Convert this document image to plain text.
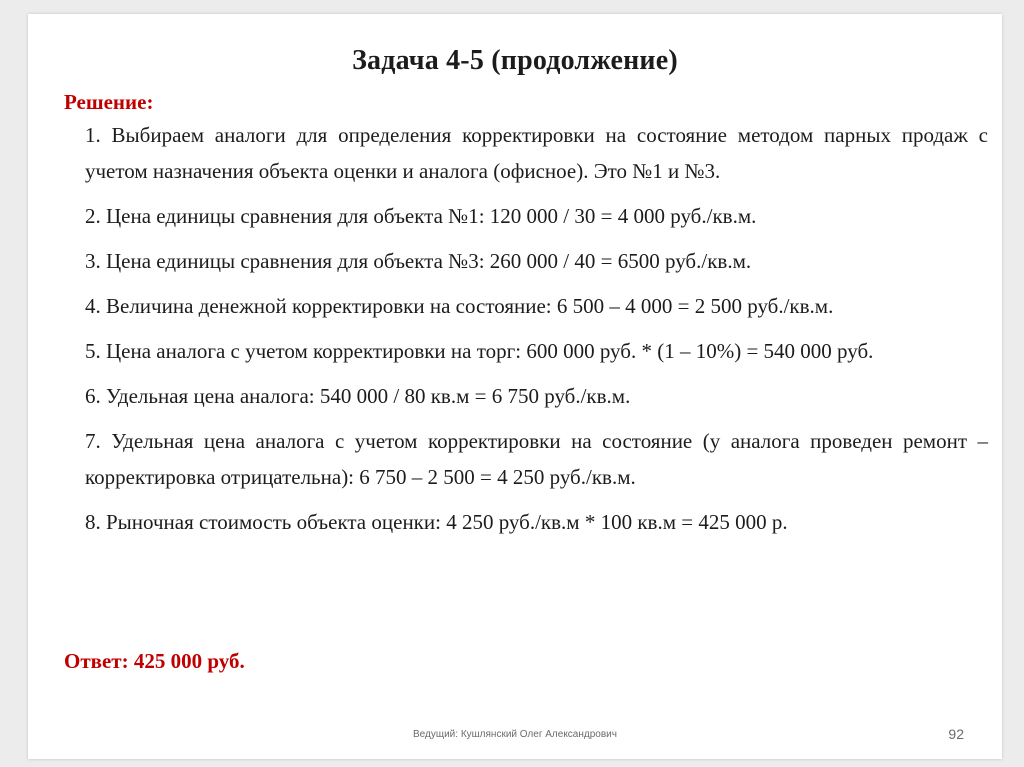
Задача 4-5 (продолжение)
Решение:

1. Выбираем аналоги для определения корректировки на состояние методом парных продаж с учетом назначения объекта оценки и аналога (офисное). Это №1 и №3.

2. Цена единицы сравнения для объекта №1: 120 000 / 30 = 4 000 руб./кв.м.

3. Цена единицы сравнения для объекта №3: 260 000 / 40 = 6500 руб./кв.м.

4. Величина денежной корректировки на состояние: 6 500 – 4 000 = 2 500 руб./кв.м.

5. Цена аналога с учетом корректировки на торг: 600 000 руб. * (1 – 10%) = 540 000 руб.

6. Удельная цена аналога: 540 000 / 80 кв.м = 6 750 руб./кв.м.

7. Удельная цена аналога с учетом корректировки на состояние (у аналога проведен ремонт – корректировка отрицательна): 6 750 – 2 500 = 4 250 руб./кв.м.

8. Рыночная стоимость объекта оценки: 4 250 руб./кв.м * 100 кв.м = 425 000 р.

Ответ: 425 000 руб.
Ведущий: Кушлянский Олег Александрович	92
